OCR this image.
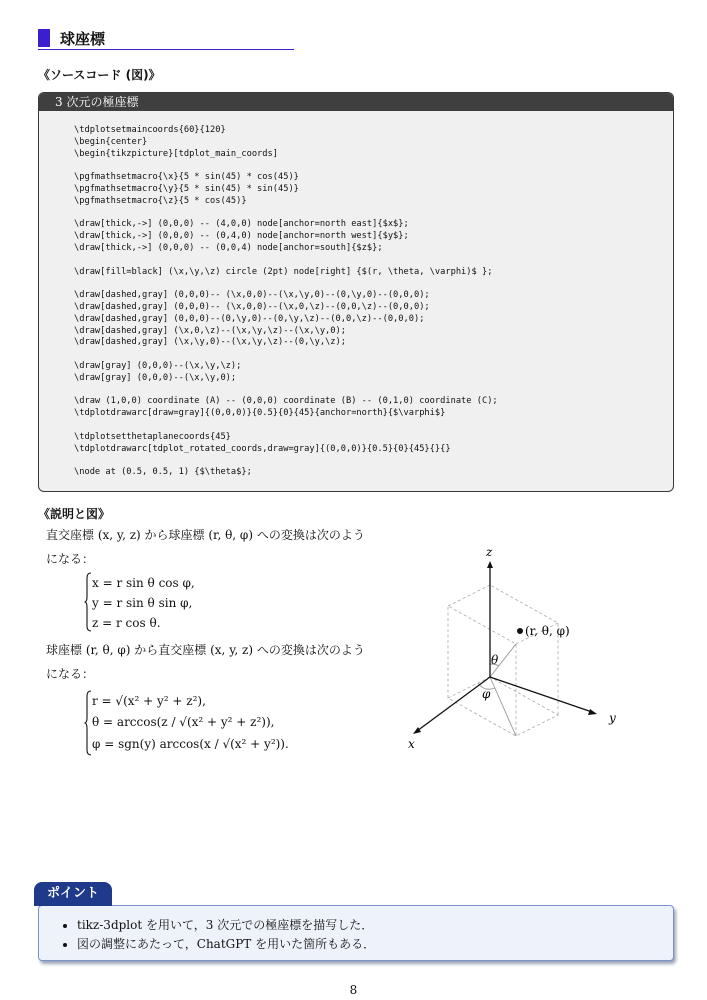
球座標
《ソースコード (図)》
3 次元の極座標
\tdplotsetmaincoords{60}{120}
\begin{center}
\begin{tikzpicture}[tdplot_main_coords]

\pgfmathsetmacro{\x}{5 * sin(45) * cos(45)}
\pgfmathsetmacro{\y}{5 * sin(45) * sin(45)}
\pgfmathsetmacro{\z}{5 * cos(45)}

\draw[thick,->] (0,0,0) -- (4,0,0) node[anchor=north east]{$x$};
\draw[thick,->] (0,0,0) -- (0,4,0) node[anchor=north west]{$y$};
\draw[thick,->] (0,0,0) -- (0,0,4) node[anchor=south]{$z$};

\draw[fill=black] (\x,\y,\z) circle (2pt) node[right] {$(r, \theta, \varphi)$ };

\draw[dashed,gray] (0,0,0)-- (\x,0,0)--(\x,\y,0)--(0,\y,0)--(0,0,0);
\draw[dashed,gray] (0,0,0)-- (\x,0,0)--(\x,0,\z)--(0,0,\z)--(0,0,0);
\draw[dashed,gray] (0,0,0)--(0,\y,0)--(0,\y,\z)--(0,0,\z)--(0,0,0);
\draw[dashed,gray] (\x,0,\z)--(\x,\y,\z)--(\x,\y,0);
\draw[dashed,gray] (\x,\y,0)--(\x,\y,\z)--(0,\y,\z);

\draw[gray] (0,0,0)--(\x,\y,\z);
\draw[gray] (0,0,0)--(\x,\y,0);

\draw (1,0,0) coordinate (A) -- (0,0,0) coordinate (B) -- (0,1,0) coordinate (C);
\tdplotdrawarc[draw=gray]{(0,0,0)}{0.5}{0}{45}{anchor=north}{$\varphi$}

\tdplotsetthetaplanecoords{45}
\tdplotdrawarc[tdplot_rotated_coords,draw=gray]{(0,0,0)}{0.5}{0}{45}{}{}

\node at (0.5, 0.5, 1) {$\theta$};

《説明と図》
直交座標 (x, y, z) から球座標 (r, θ, φ) への変換は次のよう
になる：
x = r sin θ cos φ,
y = r sin θ sin φ,
z = r cos θ.
球座標 (r, θ, φ) から直交座標 (x, y, z) への変換は次のよう
になる：
r = √(x² + y² + z²),
θ = arccos(z / √(x² + y² + z²)),
φ = sgn(y) arccos(x / √(x² + y²)).
z
y
x
(r, θ, φ)
θ
φ
• tikz-3dplot を用いて，3 次元での極座標を描写した．
• 図の調整にあたって，ChatGPT を用いた箇所もある．
ポイント
8
